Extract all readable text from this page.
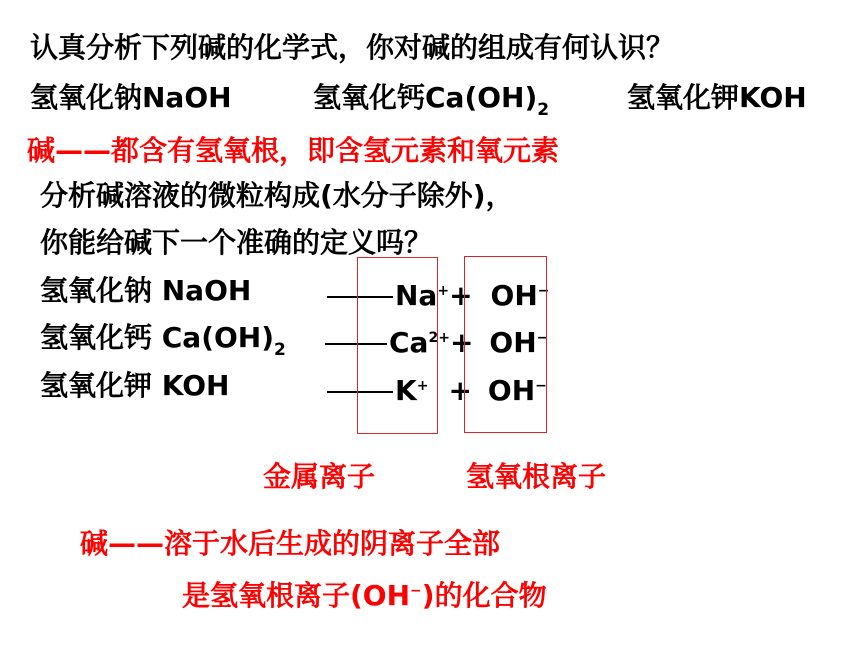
认真分析下列碱的化学式，你对碱的组成有何认识？
氢氧化钠NaOH	氢氧化钙$Ca(OH)_2$	氢氧化钾KOH
碱——都含有氢氧根，即含氢元素和氧元素
分析碱溶液的微粒构成(水分子除外)，
你能给碱下一个准确的定义吗？
氢氧化钠 NaOH	Na++ OH−
氢氧化钙 $Ca(OH)_2$	$Ca^{2+}+ OH^-$
氢氧化钾 KOH	K+ + OH−
金属离子	氢氧根离子
碱——溶于水后生成的阴离子全部
是氢氧根离子(OH−)的化合物
